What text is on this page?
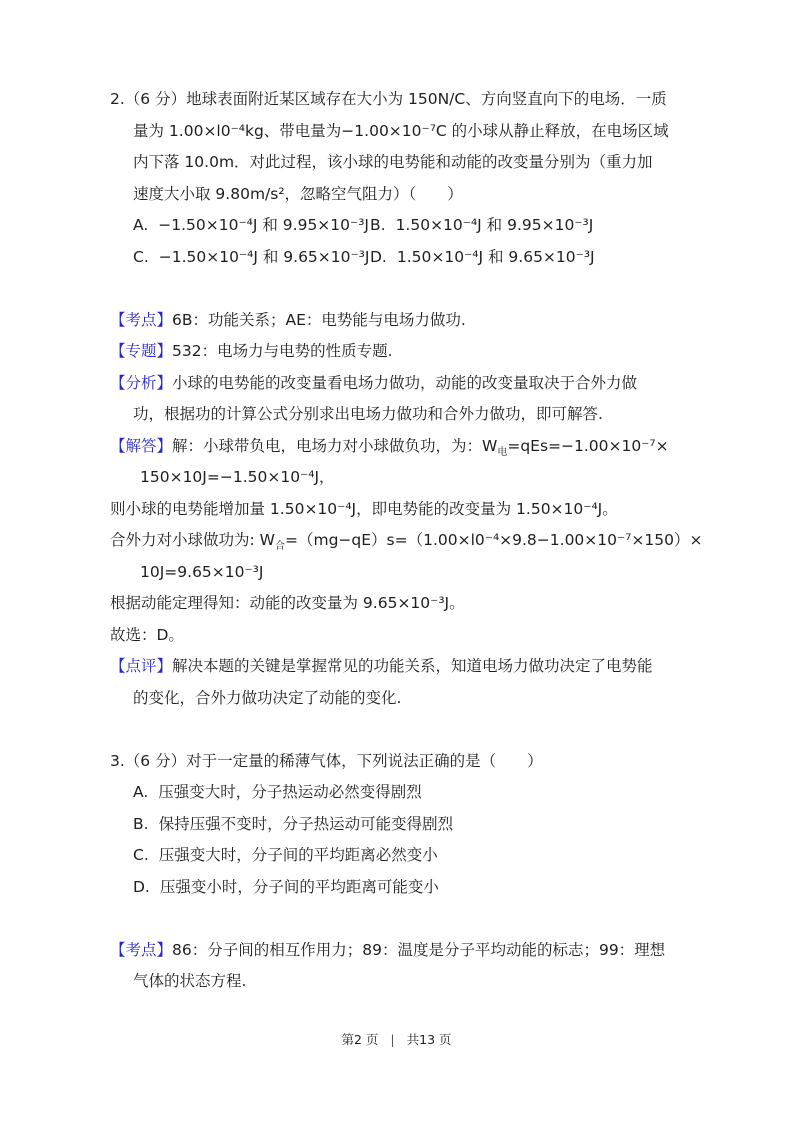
2.（6 分）地球表面附近某区域存在大小为 150N/C、方向竖直向下的电场．一质
量为 1.00×l0⁻⁴kg、带电量为−1.00×10⁻⁷C 的小球从静止释放，在电场区域
内下落 10.0m．对此过程，该小球的电势能和动能的改变量分别为（重力加
速度大小取 9.80m/s²，忽略空气阻力）（　　）
A. −1.50×10⁻⁴J 和 9.95×10⁻³J B. 1.50×10⁻⁴J 和 9.95×10⁻³J
C. −1.50×10⁻⁴J 和 9.65×10⁻³J D. 1.50×10⁻⁴J 和 9.65×10⁻³J
【考点】6B：功能关系；AE：电势能与电场力做功.
【专题】532：电场力与电势的性质专题.
【分析】小球的电势能的改变量看电场力做功，动能的改变量取决于合外力做
功，根据功的计算公式分别求出电场力做功和合外力做功，即可解答.
【解答】解：小球带负电，电场力对小球做负功，为：$W_电=qEs=-1.00\times 10^{-7}\times$
150×10J=−1.50×10⁻⁴J，
则小球的电势能增加量 1.50×10⁻⁴J，即电势能的改变量为 1.50×10⁻⁴J。
合外力对小球做功为: $W_合=(mg-qE)s=(1.00\times l0^{-4}\times 9.8-1.00\times 10^{-7}\times 150)\times$
10J=9.65×10⁻³J
根据动能定理得知：动能的改变量为 9.65×10⁻³J。
故选：D。
【点评】解决本题的关键是掌握常见的功能关系，知道电场力做功决定了电势能
的变化，合外力做功决定了动能的变化.
3.（6 分）对于一定量的稀薄气体，下列说法正确的是（　　）
A. 压强变大时，分子热运动必然变得剧烈
B. 保持压强不变时，分子热运动可能变得剧烈
C. 压强变大时，分子间的平均距离必然变小
D. 压强变小时，分子间的平均距离可能变小
【考点】86：分子间的相互作用力；89：温度是分子平均动能的标志；99：理想
气体的状态方程.
第2 页 | 共13 页
